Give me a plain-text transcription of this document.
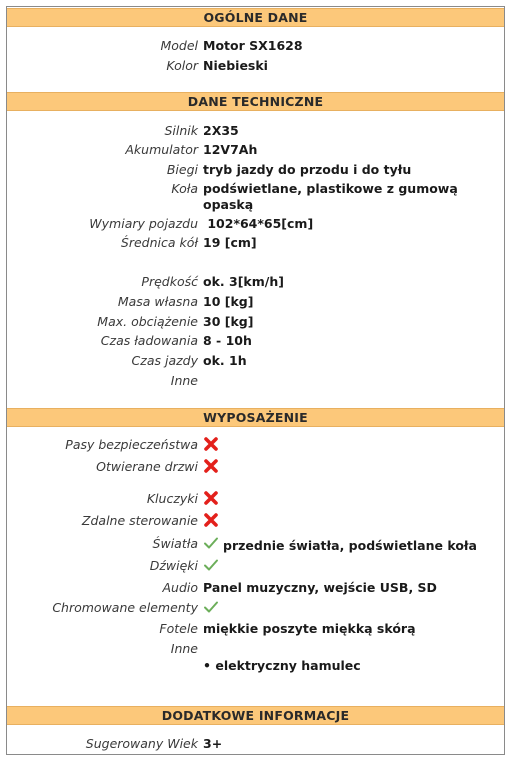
OGÓLNE DANE
Model Motor SX1628
Kolor Niebieski
DANE TECHNICZNE
Silnik 2X35
Akumulator 12V7Ah
Biegi tryb jazdy do przodu i do tyłu
Koła podświetlane, plastikowe z gumową opaską
Wymiary pojazdu 102*64*65[cm]
Średnica kół 19 [cm]
Prędkość ok. 3[km/h]
Masa własna 10 [kg]
Max. obciążenie 30 [kg]
Czas ładowania 8 - 10h
Czas jazdy ok. 1h
Inne
WYPOSAŻENIE
Pasy bezpieczeństwa
Otwierane drzwi
Kluczyki
Zdalne sterowanie
Światła przednie światła, podświetlane koła
Dźwięki
Audio Panel muzyczny, wejście USB, SD
Chromowane elementy
Fotele miękkie poszyte miękką skórą
Inne
• elektryczny hamulec
DODATKOWE INFORMACJE
Sugerowany Wiek 3+
